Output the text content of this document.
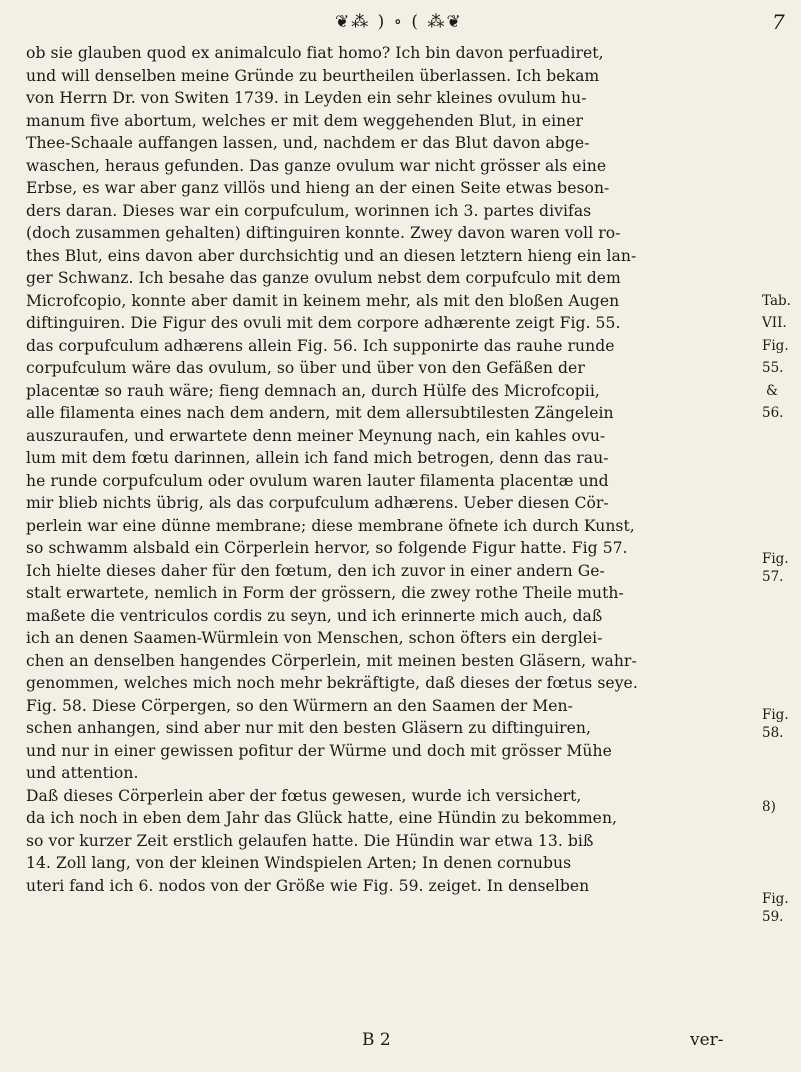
❦⁂ ) ∘ ( ⁂❦	7
ob sie glauben quod ex animalculo fiat homo? Ich bin davon perfuadiret,
und will denselben meine Gründe zu beurtheilen überlassen. Ich bekam
von Herrn Dr. von Switen 1739. in Leyden ein sehr kleines ovulum hu-
manum five abortum, welches er mit dem weggehenden Blut, in einer
Thee-Schaale auffangen lassen, und, nachdem er das Blut davon abge-
waschen, heraus gefunden. Das ganze ovulum war nicht grösser als eine
Erbse, es war aber ganz villös und hieng an der einen Seite etwas beson-
ders daran. Dieses war ein corpufculum, worinnen ich 3. partes divifas
(doch zusammen gehalten) diftinguiren konnte. Zwey davon waren voll ro-
thes Blut, eins davon aber durchsichtig und an diesen letztern hieng ein lan-
ger Schwanz. Ich besahe das ganze ovulum nebst dem corpufculo mit dem
Microfcopio, konnte aber damit in keinem mehr, als mit den bloßen Augen
diftinguiren. Die Figur des ovuli mit dem corpore adhærente zeigt Fig. 55.
das corpufculum adhærens allein Fig. 56. Ich supponirte das rauhe runde
corpufculum wäre das ovulum, so über und über von den Gefäßen der
placentæ so rauh wäre; fieng demnach an, durch Hülfe des Microfcopii,
alle filamenta eines nach dem andern, mit dem allersubtilesten Zängelein
auszuraufen, und erwartete denn meiner Meynung nach, ein kahles ovu-
lum mit dem fœtu darinnen, allein ich fand mich betrogen, denn das rau-
he runde corpufculum oder ovulum waren lauter filamenta placentæ und
mir blieb nichts übrig, als das corpufculum adhærens. Ueber diesen Cör-
perlein war eine dünne membrane; diese membrane öfnete ich durch Kunst,
so schwamm alsbald ein Cörperlein hervor, so folgende Figur hatte. Fig 57.
Ich hielte dieses daher für den fœtum, den ich zuvor in einer andern Ge-
stalt erwartete, nemlich in Form der grössern, die zwey rothe Theile muth-
maßete die ventriculos cordis zu seyn, und ich erinnerte mich auch, daß
ich an denen Saamen-Würmlein von Menschen, schon öfters ein derglei-
chen an denselben hangendes Cörperlein, mit meinen besten Gläsern, wahr-
genommen, welches mich noch mehr bekräftigte, daß dieses der fœtus seye.
Fig. 58. Diese Cörpergen, so den Würmern an den Saamen der Men-
schen anhangen, sind aber nur mit den besten Gläsern zu diftinguiren,
und nur in einer gewissen pofitur der Würme und doch mit grösser Mühe
und attention.
Daß dieses Cörperlein aber der fœtus gewesen, wurde ich versichert,
da ich noch in eben dem Jahr das Glück hatte, eine Hündin zu bekommen,
so vor kurzer Zeit erstlich gelaufen hatte. Die Hündin war etwa 13. biß
14. Zoll lang, von der kleinen Windspielen Arten; In denen cornubus
uteri fand ich 6. nodos von der Größe wie Fig. 59. zeiget. In denselben
Tab.
VII.
Fig.
55.
&
56.
Fig.
57.
Fig.
58.
8)
Fig.
59.
B 2	ver-
